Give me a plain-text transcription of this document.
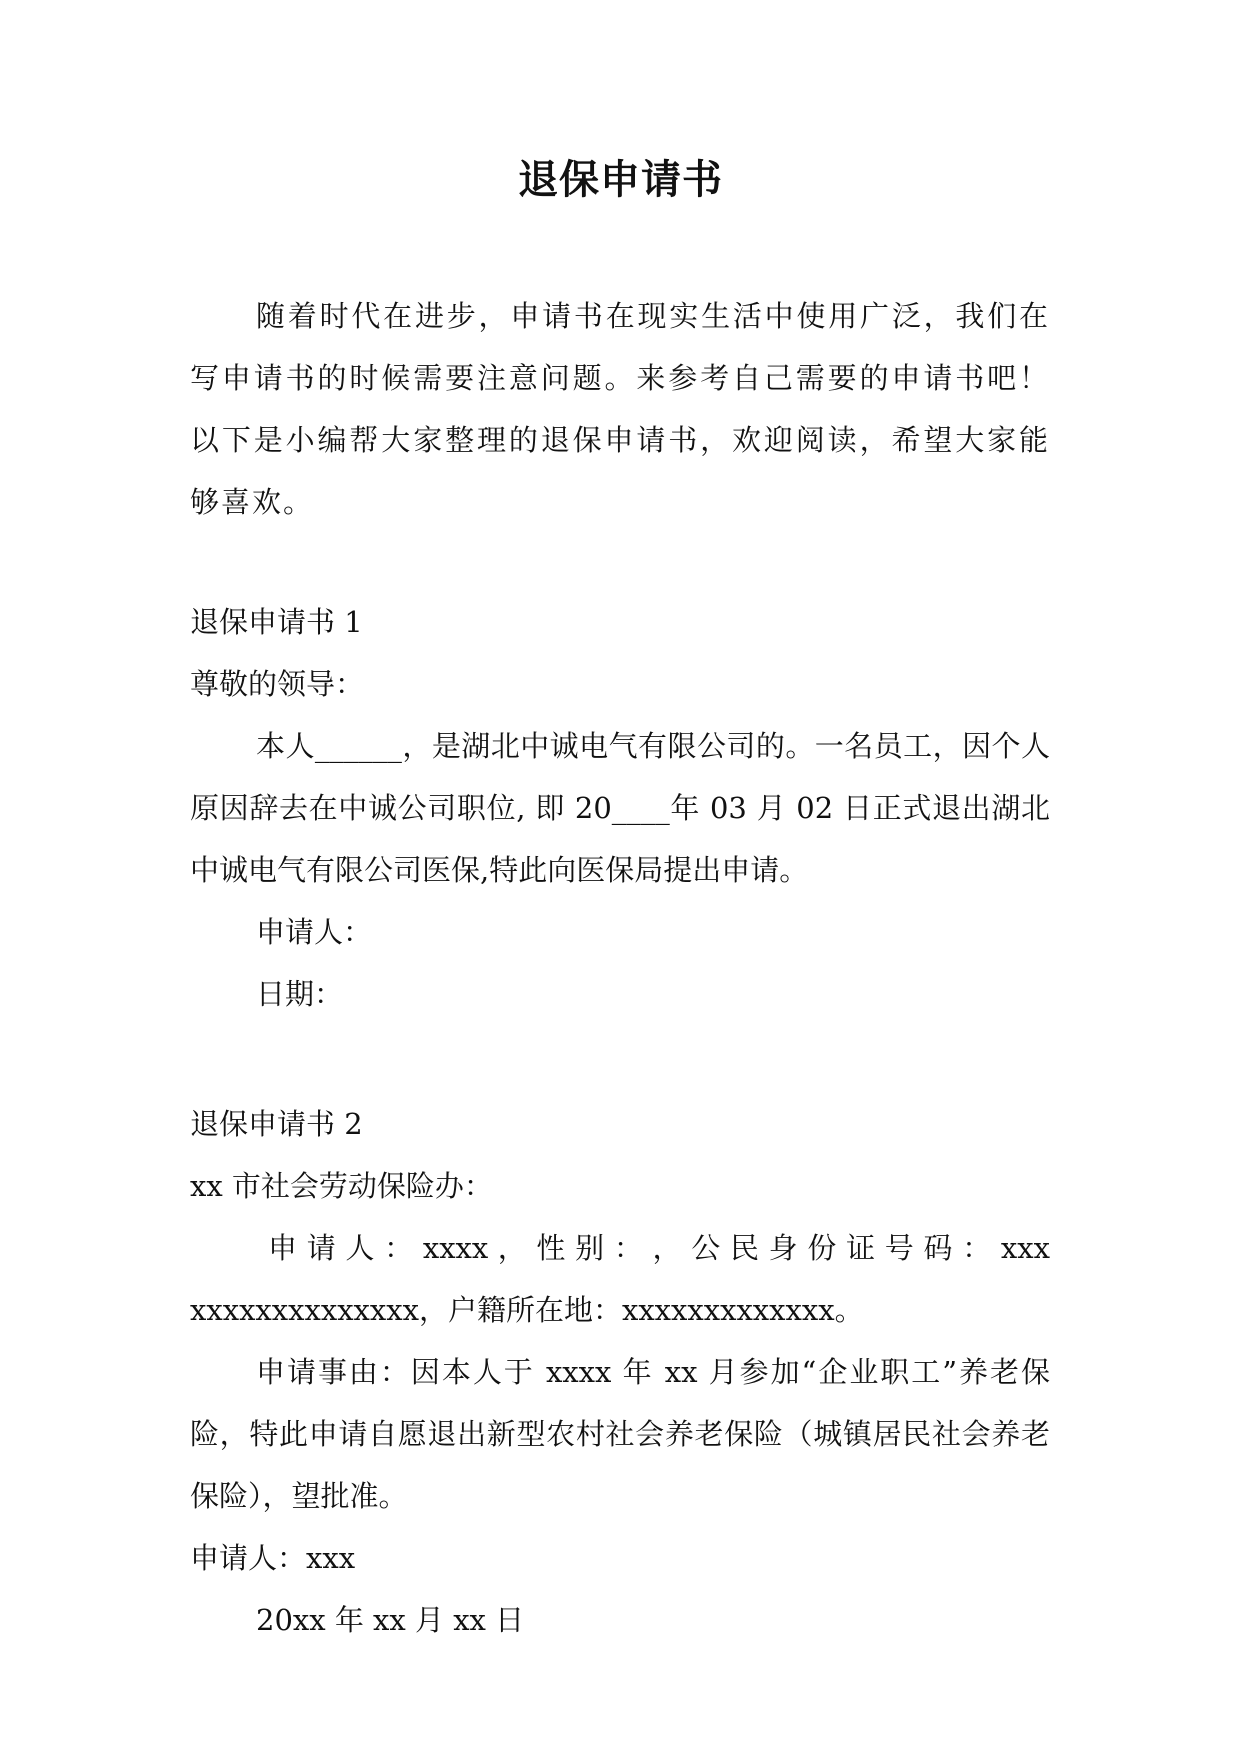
退保申请书

随着时代在进步，申请书在现实生活中使用广泛，我们在写申请书的时候需要注意问题。来参考自己需要的申请书吧！以下是小编帮大家整理的退保申请书，欢迎阅读，希望大家能够喜欢。

退保申请书 1

尊敬的领导：

本人______，是湖北中诚电气有限公司的。一名员工，因个人原因辞去在中诚公司职位, 即 20____年 03 月 02 日正式退出湖北中诚电气有限公司医保,特此向医保局提出申请。

申请人：

日期：

退保申请书 2

xx 市社会劳动保险办：

申 请 人 ： xxxx ， 性 别 ： ， 公 民 身 份 证 号 码 ： xxxxxxxxxxxxxxxxx，户籍所在地：xxxxxxxxxxxxx。

申请事由：因本人于 xxxx 年 xx 月参加“企业职工”养老保险，特此申请自愿退出新型农村社会养老保险（城镇居民社会养老保险），望批准。

申请人：xxx

20xx 年 xx 月 xx 日
